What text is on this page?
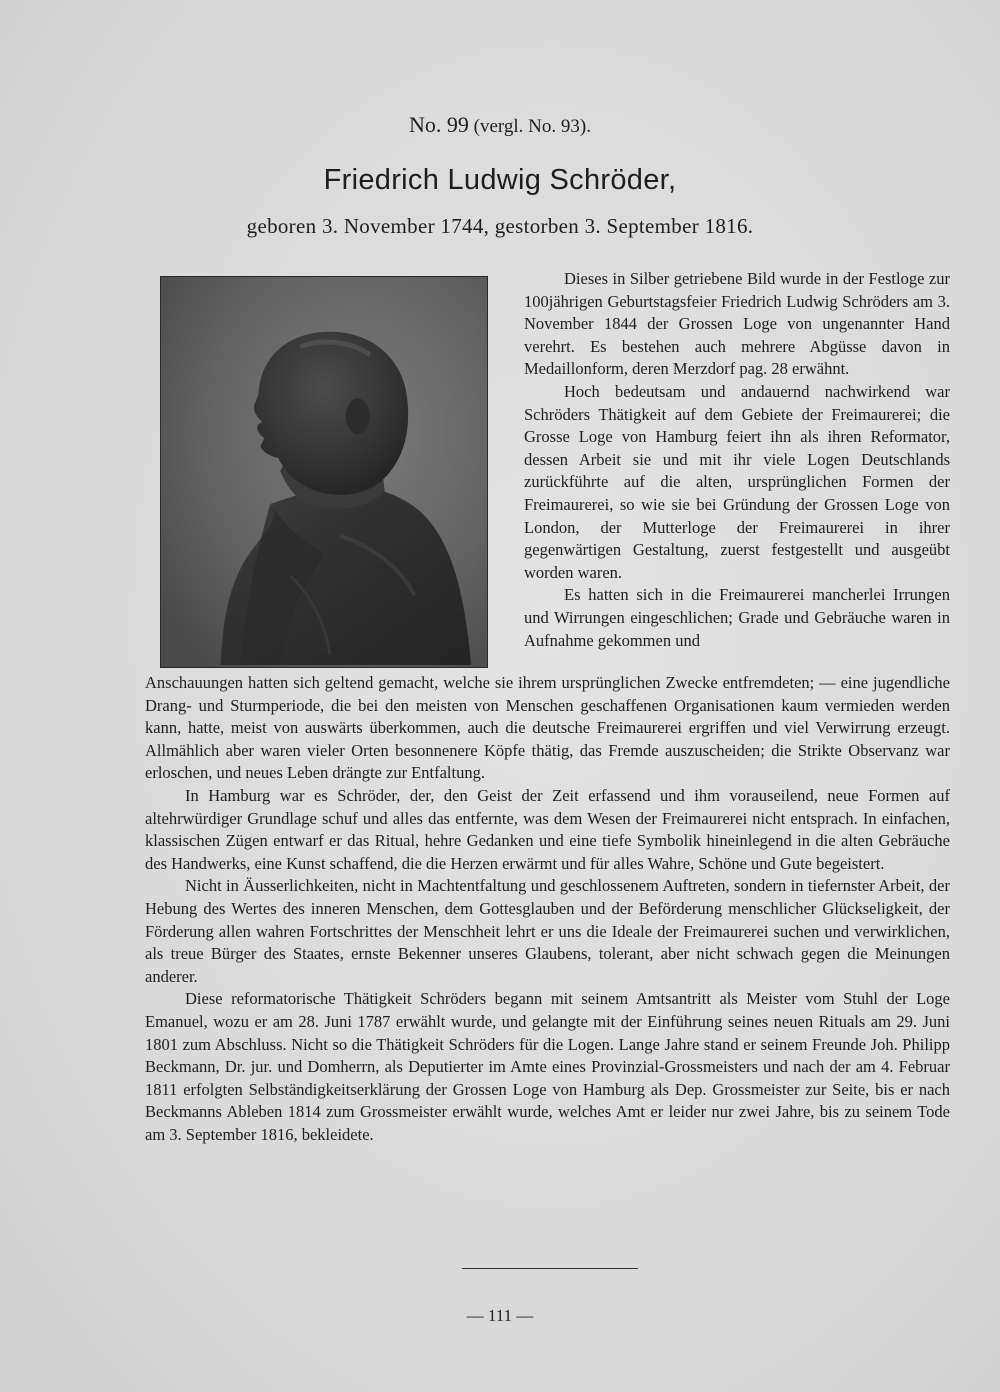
No. 99 (vergl. No. 93).
Friedrich Ludwig Schröder,
geboren 3. November 1744, gestorben 3. September 1816.

Dieses in Silber getriebene Bild wurde in der Festloge zur 100jährigen Geburtstagsfeier Friedrich Ludwig Schröders am 3. November 1844 der Grossen Loge von ungenannter Hand verehrt. Es bestehen auch mehrere Abgüsse davon in Medaillonform, deren Merzdorf pag. 28 erwähnt.

Hoch bedeutsam und andauernd nachwirkend war Schröders Thätigkeit auf dem Gebiete der Freimaurerei; die Grosse Loge von Hamburg feiert ihn als ihren Reformator, dessen Arbeit sie und mit ihr viele Logen Deutschlands zurückführte auf die alten, ursprünglichen Formen der Freimaurerei, so wie sie bei Gründung der Grossen Loge von London, der Mutterloge der Freimaurerei in ihrer gegenwärtigen Gestaltung, zuerst festgestellt und ausgeübt worden waren.

Es hatten sich in die Freimaurerei mancherlei Irrungen und Wirrungen eingeschlichen; Grade und Gebräuche waren in Aufnahme gekommen und

Anschauungen hatten sich geltend gemacht, welche sie ihrem ursprünglichen Zwecke entfremdeten; — eine jugendliche Drang- und Sturmperiode, die bei den meisten von Menschen geschaffenen Organisationen kaum vermieden werden kann, hatte, meist von auswärts überkommen, auch die deutsche Freimaurerei ergriffen und viel Verwirrung erzeugt. Allmählich aber waren vieler Orten besonnenere Köpfe thätig, das Fremde auszuscheiden; die Strikte Observanz war erloschen, und neues Leben drängte zur Entfaltung.

In Hamburg war es Schröder, der, den Geist der Zeit erfassend und ihm vorauseilend, neue Formen auf altehrwürdiger Grundlage schuf und alles das entfernte, was dem Wesen der Freimaurerei nicht entsprach. In einfachen, klassischen Zügen entwarf er das Ritual, hehre Gedanken und eine tiefe Symbolik hineinlegend in die alten Gebräuche des Handwerks, eine Kunst schaffend, die die Herzen erwärmt und für alles Wahre, Schöne und Gute begeistert.

Nicht in Äusserlichkeiten, nicht in Machtentfaltung und geschlossenem Auftreten, sondern in tiefernster Arbeit, der Hebung des Wertes des inneren Menschen, dem Gottesglauben und der Beförderung menschlicher Glückseligkeit, der Förderung allen wahren Fortschrittes der Menschheit lehrt er uns die Ideale der Freimaurerei suchen und verwirklichen, als treue Bürger des Staates, ernste Bekenner unseres Glaubens, tolerant, aber nicht schwach gegen die Meinungen anderer.

Diese reformatorische Thätigkeit Schröders begann mit seinem Amtsantritt als Meister vom Stuhl der Loge Emanuel, wozu er am 28. Juni 1787 erwählt wurde, und gelangte mit der Einführung seines neuen Rituals am 29. Juni 1801 zum Abschluss. Nicht so die Thätigkeit Schröders für die Logen. Lange Jahre stand er seinem Freunde Joh. Philipp Beckmann, Dr. jur. und Domherrn, als Deputierter im Amte eines Provinzial-Grossmeisters und nach der am 4. Februar 1811 erfolgten Selbständigkeitserklärung der Grossen Loge von Hamburg als Dep. Grossmeister zur Seite, bis er nach Beckmanns Ableben 1814 zum Grossmeister erwählt wurde, welches Amt er leider nur zwei Jahre, bis zu seinem Tode am 3. September 1816, bekleidete.

— 111 —
